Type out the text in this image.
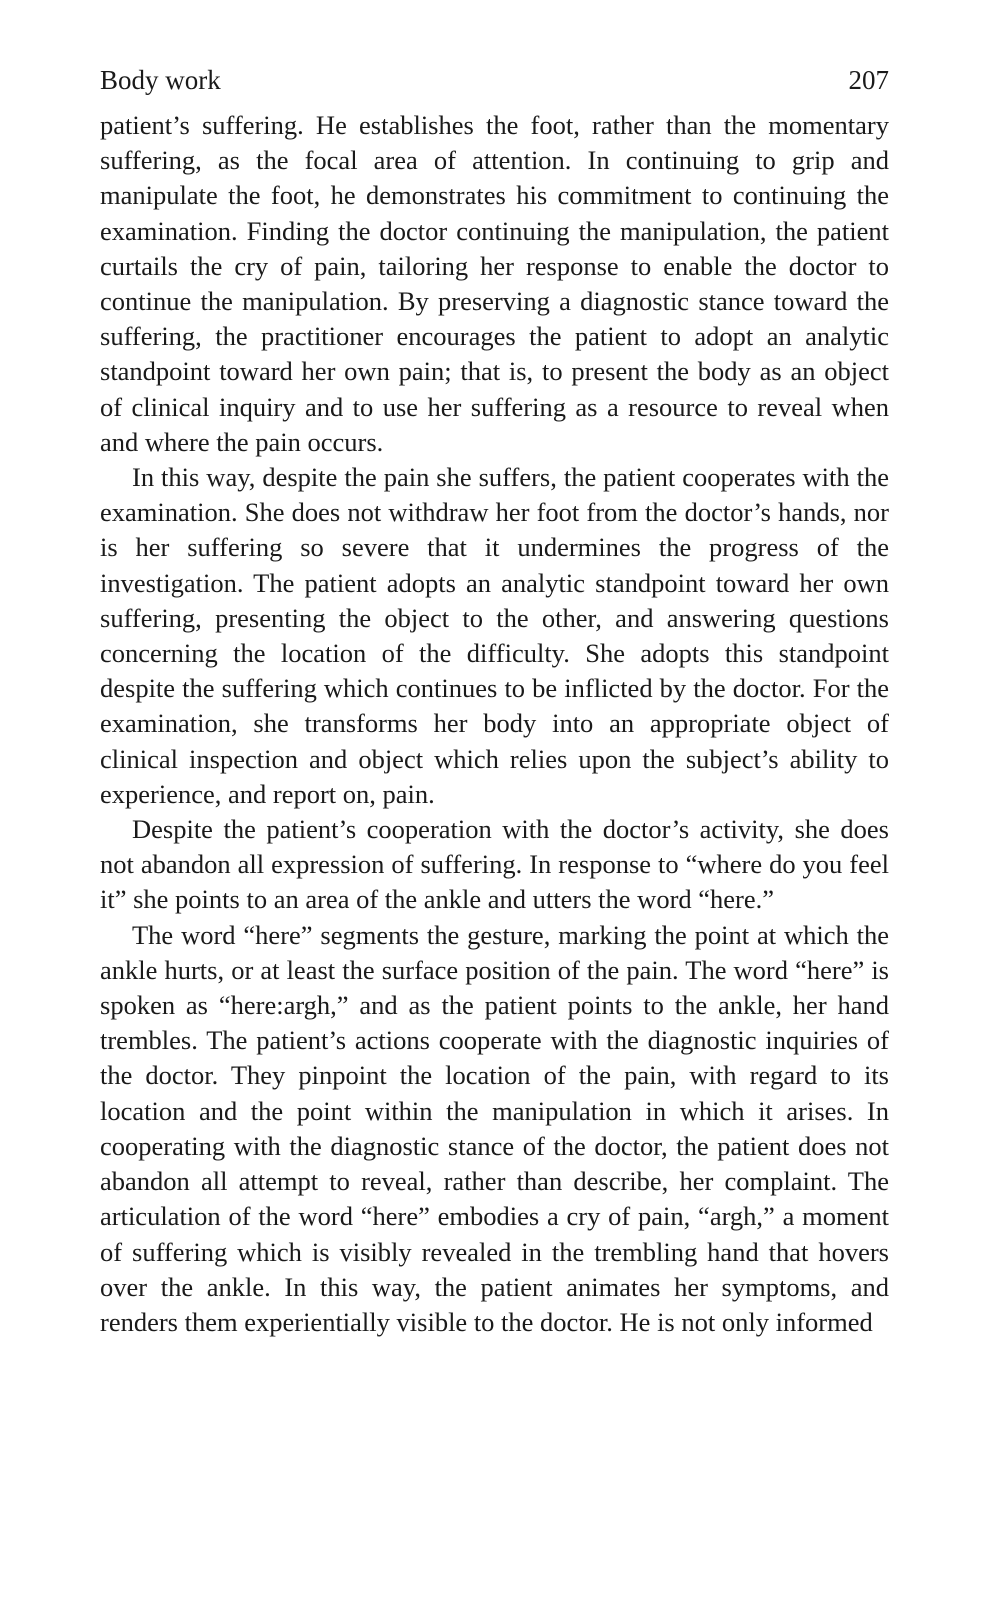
Body work	207

patient’s suffering. He establishes the foot, rather than the momentary suffering, as the focal area of attention. In continuing to grip and manipulate the foot, he demonstrates his commitment to continuing the examination. Finding the doctor continuing the manipulation, the patient curtails the cry of pain, tailoring her response to enable the doctor to continue the manipulation. By preserving a diagnostic stance toward the suffering, the practitioner encourages the patient to adopt an analytic standpoint toward her own pain; that is, to present the body as an object of clinical inquiry and to use her suffering as a resource to reveal when and where the pain occurs.

In this way, despite the pain she suffers, the patient cooperates with the examination. She does not withdraw her foot from the doctor’s hands, nor is her suffering so severe that it undermines the progress of the investigation. The patient adopts an analytic standpoint toward her own suffering, presenting the object to the other, and answering questions concerning the location of the difficulty. She adopts this standpoint despite the suffering which continues to be inflicted by the doctor. For the examination, she transforms her body into an appropriate object of clinical inspection and object which relies upon the subject’s ability to experience, and report on, pain.

Despite the patient’s cooperation with the doctor’s activity, she does not abandon all expression of suffering. In response to “where do you feel it” she points to an area of the ankle and utters the word “here.”

The word “here” segments the gesture, marking the point at which the ankle hurts, or at least the surface position of the pain. The word “here” is spoken as “here:argh,” and as the patient points to the ankle, her hand trembles. The patient’s actions cooperate with the diagnostic inquiries of the doctor. They pinpoint the location of the pain, with regard to its location and the point within the manipulation in which it arises. In cooperating with the diagnostic stance of the doctor, the patient does not abandon all attempt to reveal, rather than describe, her complaint. The articulation of the word “here” embodies a cry of pain, “argh,” a moment of suffering which is visibly revealed in the trembling hand that hovers over the ankle. In this way, the patient animates her symptoms, and renders them experientially visible to the doctor. He is not only informed
